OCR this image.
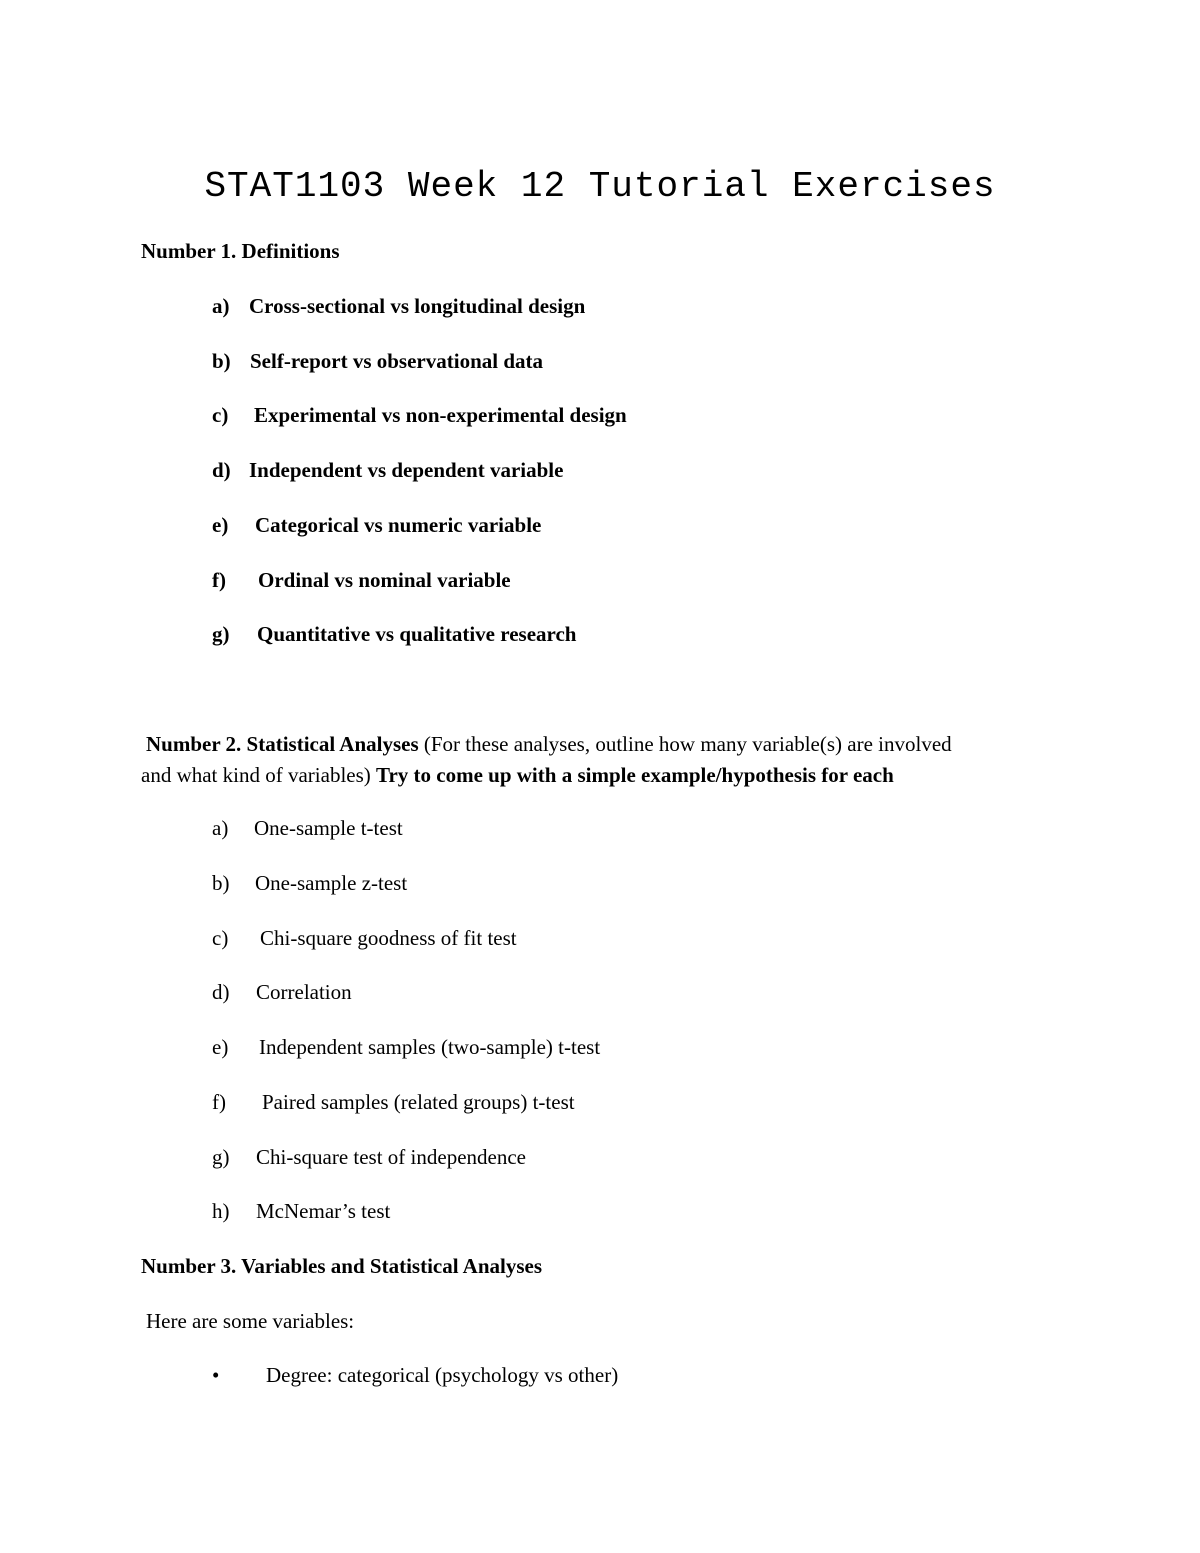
STAT1103 Week 12 Tutorial Exercises
Number 1. Definitions
a) Cross-sectional vs longitudinal design
b) Self-report vs observational data
c) Experimental vs non-experimental design
d) Independent vs dependent variable
e) Categorical vs numeric variable
f) Ordinal vs nominal variable
g) Quantitative vs qualitative research
Number 2. Statistical Analyses (For these analyses, outline how many variable(s) are involved
and what kind of variables) Try to come up with a simple example/hypothesis for each
a) One-sample t-test
b) One-sample z-test
c) Chi-square goodness of fit test
d) Correlation
e) Independent samples (two-sample) t-test
f) Paired samples (related groups) t-test
g) Chi-square test of independence
h) McNemar’s test
Number 3. Variables and Statistical Analyses
Here are some variables:
• Degree: categorical (psychology vs other)
